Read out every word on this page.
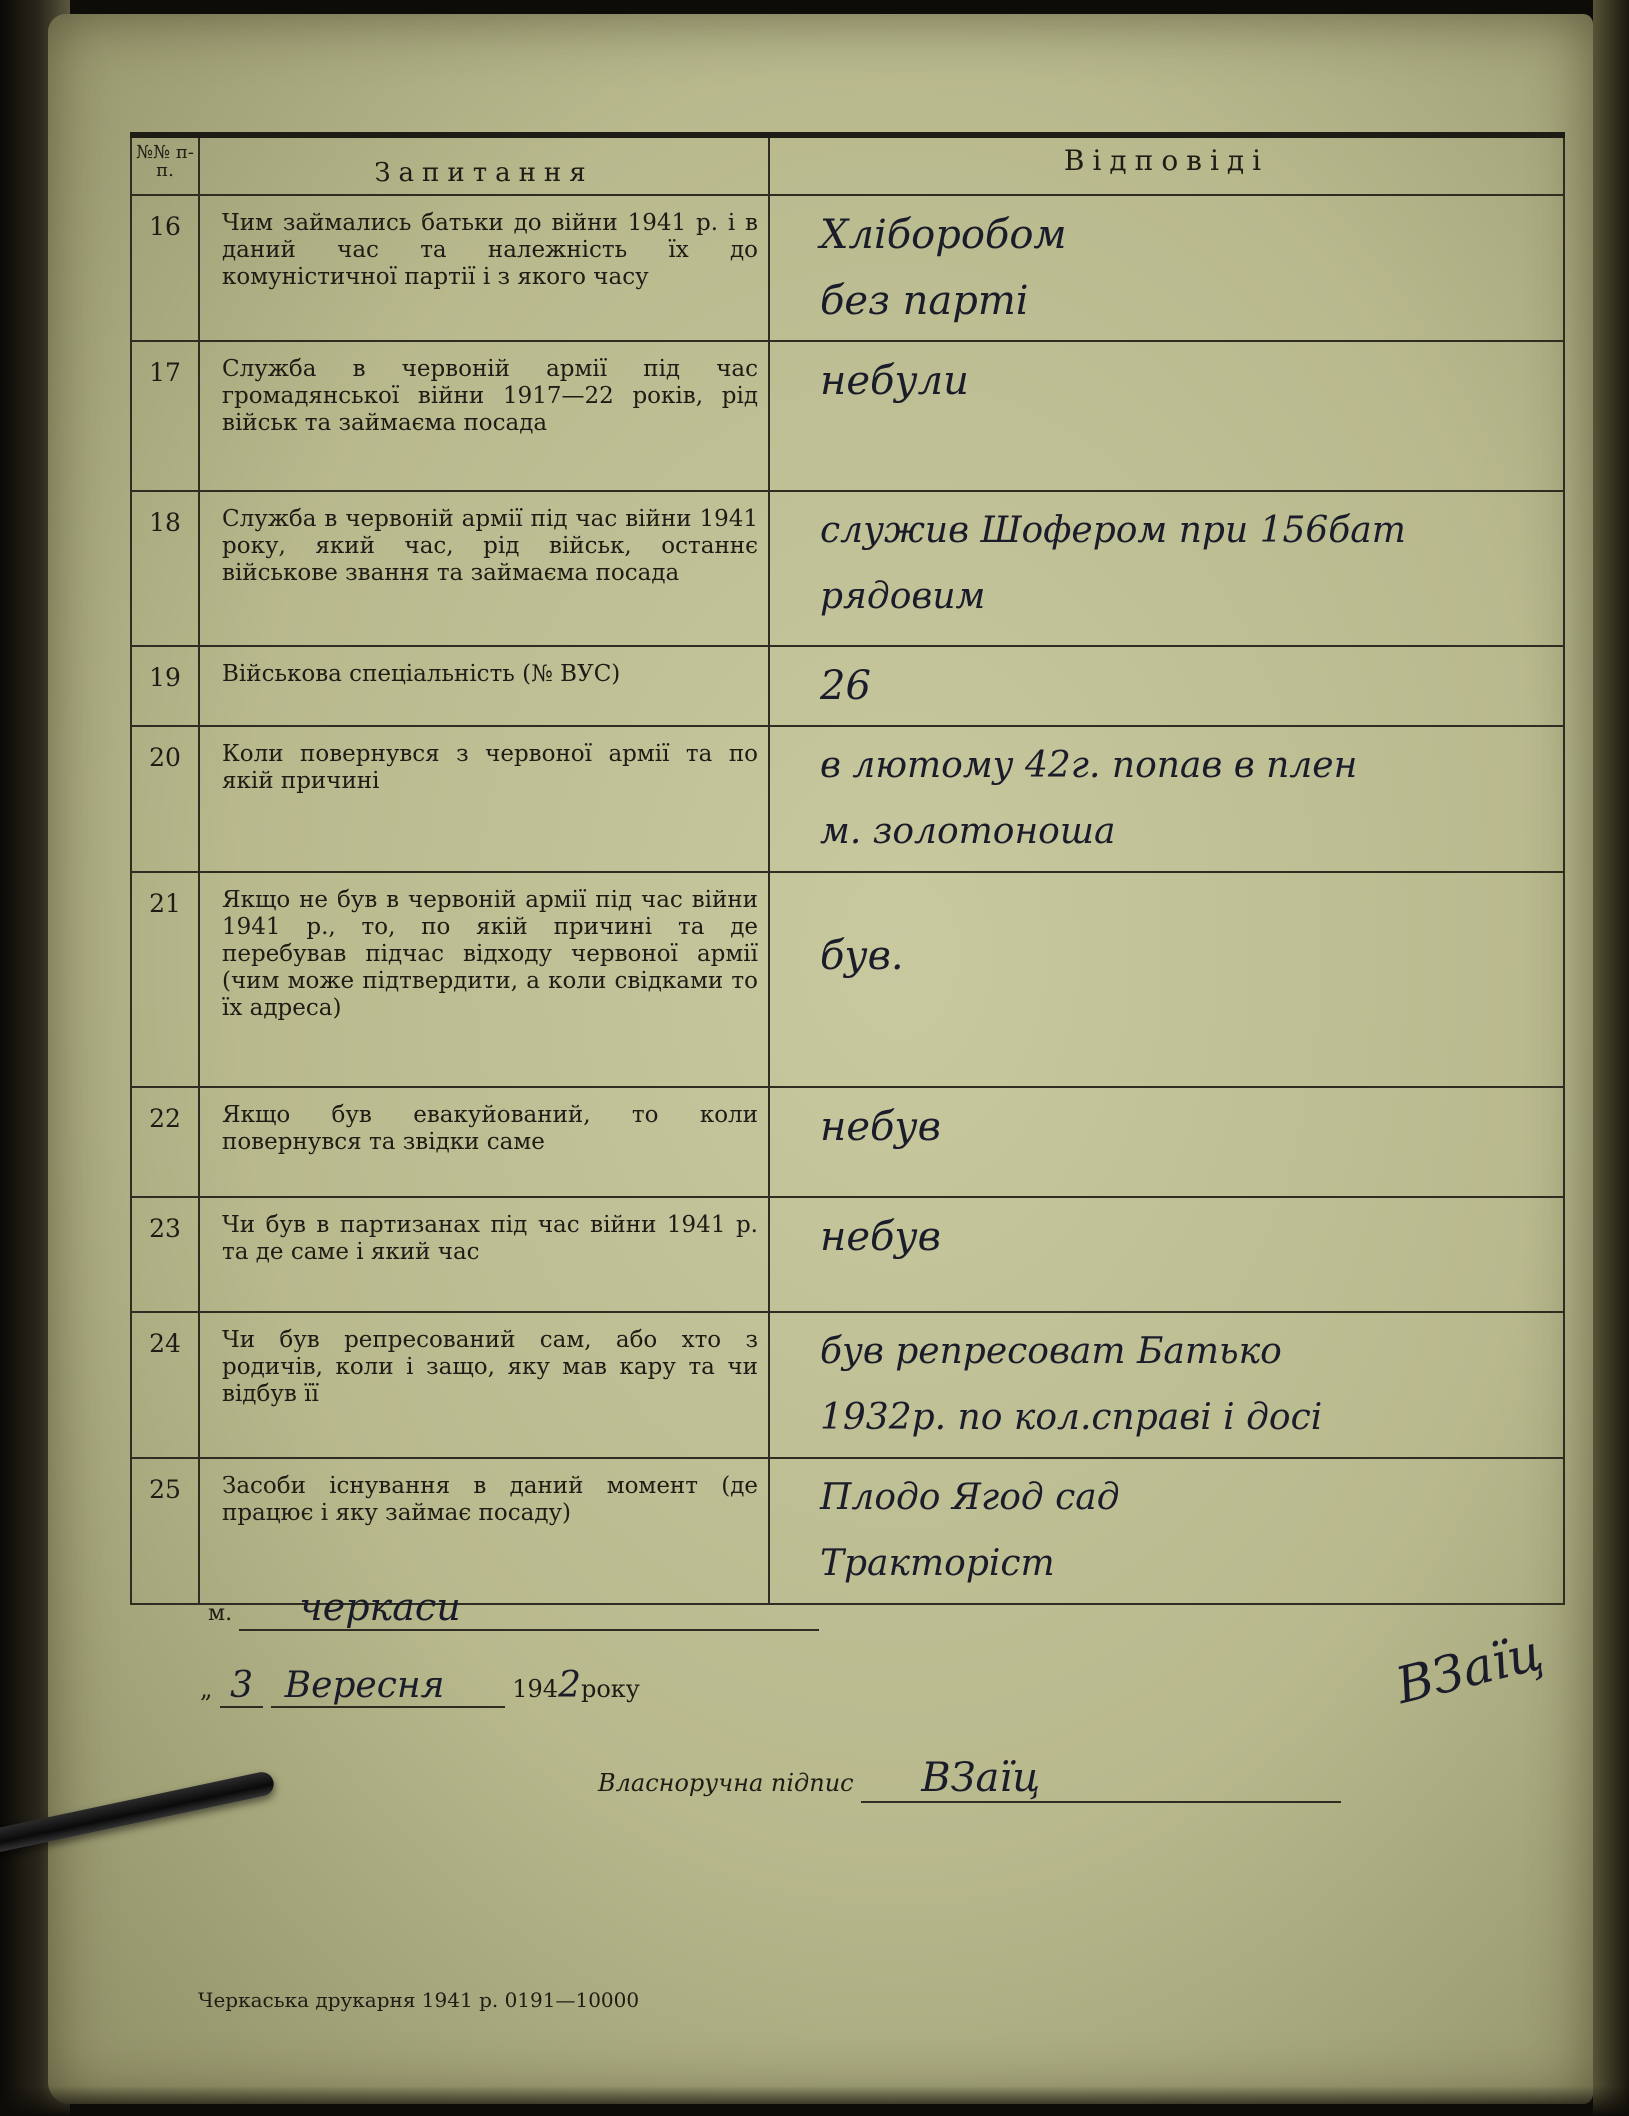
№№ п-п.	Запитання	Відповіді
16	Чим займались батьки до війни 1941 р. і в даний час та належність їх до комуністичної партії і з якого часу	Хліборобом
без парті

17	Служба в червоній армії під час громадянської війни 1917—22 років, рід військ та займаєма посада	небули

18	Служба в червоній армії під час війни 1941 року, який час, рід військ, останнє військове звання та займаєма посада	служив Шофером при 156бат
рядовим

19	Військова спеціальність (№ ВУС)	26

20	Коли повернувся з червоної армії та по якій причині	в лютому 42г. попав в плен
м. золотоноша

21	Якщо не був в червоній армії під час війни 1941 р., то, по якій причині та де перебував підчас відходу червоної армії (чим може підтвердити, а коли свідками то їх адреса)	був.

22	Якщо був евакуйований, то коли повернувся та звідки саме	небув

23	Чи був в партизанах під час війни 1941 р. та де саме і який час	небув

24	Чи був репресований сам, або хто з родичів, коли і защо, яку мав кару та чи відбув її	був репресоват Батько
1932р. по кол.справі і досі

25	Засоби існування в даний момент (де працює і яку займає посаду)	Плодо Ягод сад
Тракторіст
м. черкаси
„ 3 Вересня	1942року
Власноручна підпис ВЗаїц
ВЗаїц
Черкаська друкарня 1941 р. 0191—10000
